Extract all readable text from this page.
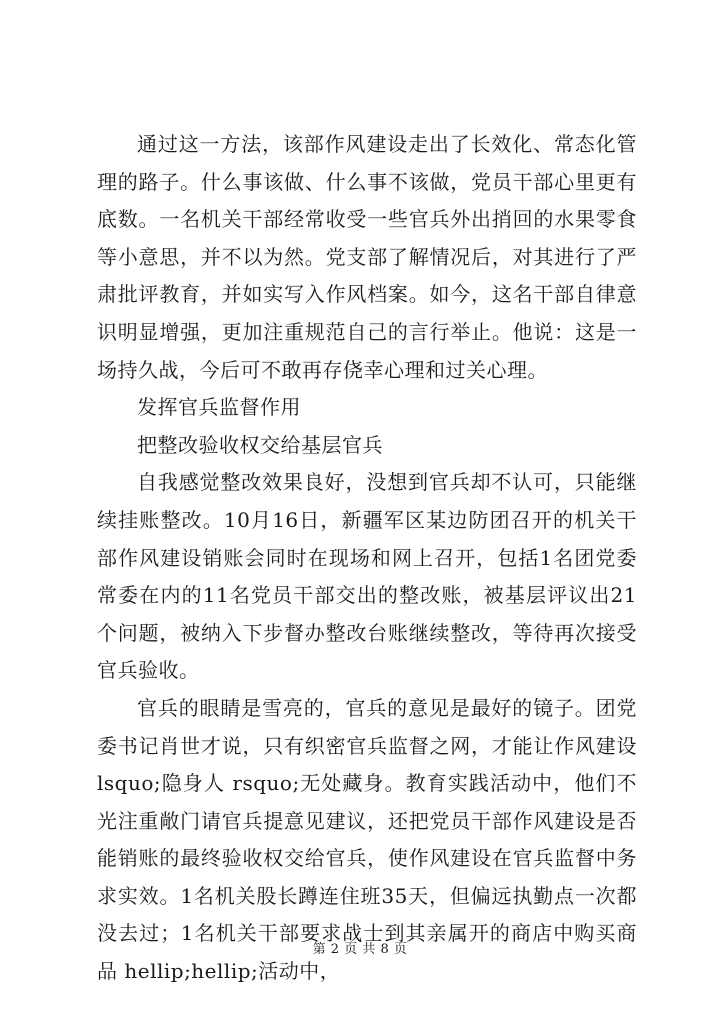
通过这一方法，该部作风建设走出了长效化、常态化管理的路子。什么事该做、什么事不该做，党员干部心里更有底数。一名机关干部经常收受一些官兵外出捎回的水果零食等小意思，并不以为然。党支部了解情况后，对其进行了严肃批评教育，并如实写入作风档案。如今，这名干部自律意识明显增强，更加注重规范自己的言行举止。他说：这是一场持久战，今后可不敢再存侥幸心理和过关心理。

发挥官兵监督作用

把整改验收权交给基层官兵

自我感觉整改效果良好，没想到官兵却不认可，只能继续挂账整改。10月16日，新疆军区某边防团召开的机关干部作风建设销账会同时在现场和网上召开，包括1名团党委常委在内的11名党员干部交出的整改账，被基层评议出21个问题，被纳入下步督办整改台账继续整改，等待再次接受官兵验收。

官兵的眼睛是雪亮的，官兵的意见是最好的镜子。团党委书记肖世才说，只有织密官兵监督之网，才能让作风建设 lsquo;隐身人 rsquo;无处藏身。教育实践活动中，他们不光注重敞门请官兵提意见建议，还把党员干部作风建设是否能销账的最终验收权交给官兵，使作风建设在官兵监督中务求实效。1名机关股长蹲连住班35天，但偏远执勤点一次都没去过；1名机关干部要求战士到其亲属开的商店中购买商品 hellip;hellip;活动中，

第 2 页 共 8 页
